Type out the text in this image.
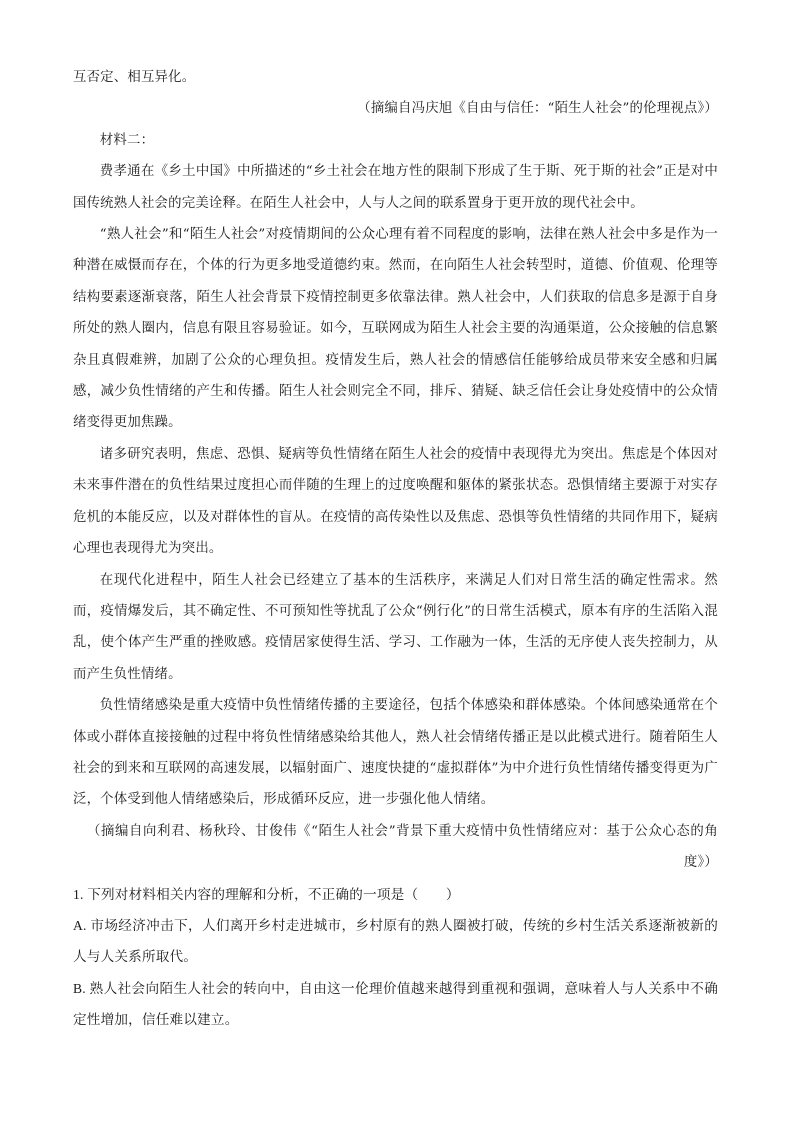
互否定、相互异化。

（摘编自冯庆旭《自由与信任：“陌生人社会”的伦理视点》）

材料二：

费孝通在《乡土中国》中所描述的“乡土社会在地方性的限制下形成了生于斯、死于斯的社会”正是对中国传统熟人社会的完美诠释。在陌生人社会中，人与人之间的联系置身于更开放的现代社会中。

“熟人社会”和“陌生人社会”对疫情期间的公众心理有着不同程度的影响，法律在熟人社会中多是作为一种潜在威慑而存在，个体的行为更多地受道德约束。然而，在向陌生人社会转型时，道德、价值观、伦理等结构要素逐渐衰落，陌生人社会背景下疫情控制更多依靠法律。熟人社会中，人们获取的信息多是源于自身所处的熟人圈内，信息有限且容易验证。如今，互联网成为陌生人社会主要的沟通渠道，公众接触的信息繁杂且真假难辨，加剧了公众的心理负担。疫情发生后，熟人社会的情感信任能够给成员带来安全感和归属感，减少负性情绪的产生和传播。陌生人社会则完全不同，排斥、猜疑、缺乏信任会让身处疫情中的公众情绪变得更加焦躁。

诸多研究表明，焦虑、恐惧、疑病等负性情绪在陌生人社会的疫情中表现得尤为突出。焦虑是个体因对未来事件潜在的负性结果过度担心而伴随的生理上的过度唤醒和躯体的紧张状态。恐惧情绪主要源于对实存危机的本能反应，以及对群体性的盲从。在疫情的高传染性以及焦虑、恐惧等负性情绪的共同作用下，疑病心理也表现得尤为突出。

在现代化进程中，陌生人社会已经建立了基本的生活秩序，来满足人们对日常生活的确定性需求。然而，疫情爆发后，其不确定性、不可预知性等扰乱了公众“例行化”的日常生活模式，原本有序的生活陷入混乱，使个体产生严重的挫败感。疫情居家使得生活、学习、工作融为一体，生活的无序使人丧失控制力，从而产生负性情绪。

负性情绪感染是重大疫情中负性情绪传播的主要途径，包括个体感染和群体感染。个体间感染通常在个体或小群体直接接触的过程中将负性情绪感染给其他人，熟人社会情绪传播正是以此模式进行。随着陌生人社会的到来和互联网的高速发展，以辐射面广、速度快捷的“虚拟群体”为中介进行负性情绪传播变得更为广泛，个体受到他人情绪感染后，形成循环反应，进一步强化他人情绪。

（摘编自向利君、杨秋玲、甘俊伟《“陌生人社会”背景下重大疫情中负性情绪应对：基于公众心态的角度》）

1. 下列对材料相关内容的理解和分析，不正确的一项是（　　）

A. 市场经济冲击下，人们离开乡村走进城市，乡村原有的熟人圈被打破，传统的乡村生活关系逐渐被新的人与人关系所取代。

B. 熟人社会向陌生人社会的转向中，自由这一伦理价值越来越得到重视和强调，意味着人与人关系中不确定性增加，信任难以建立。
